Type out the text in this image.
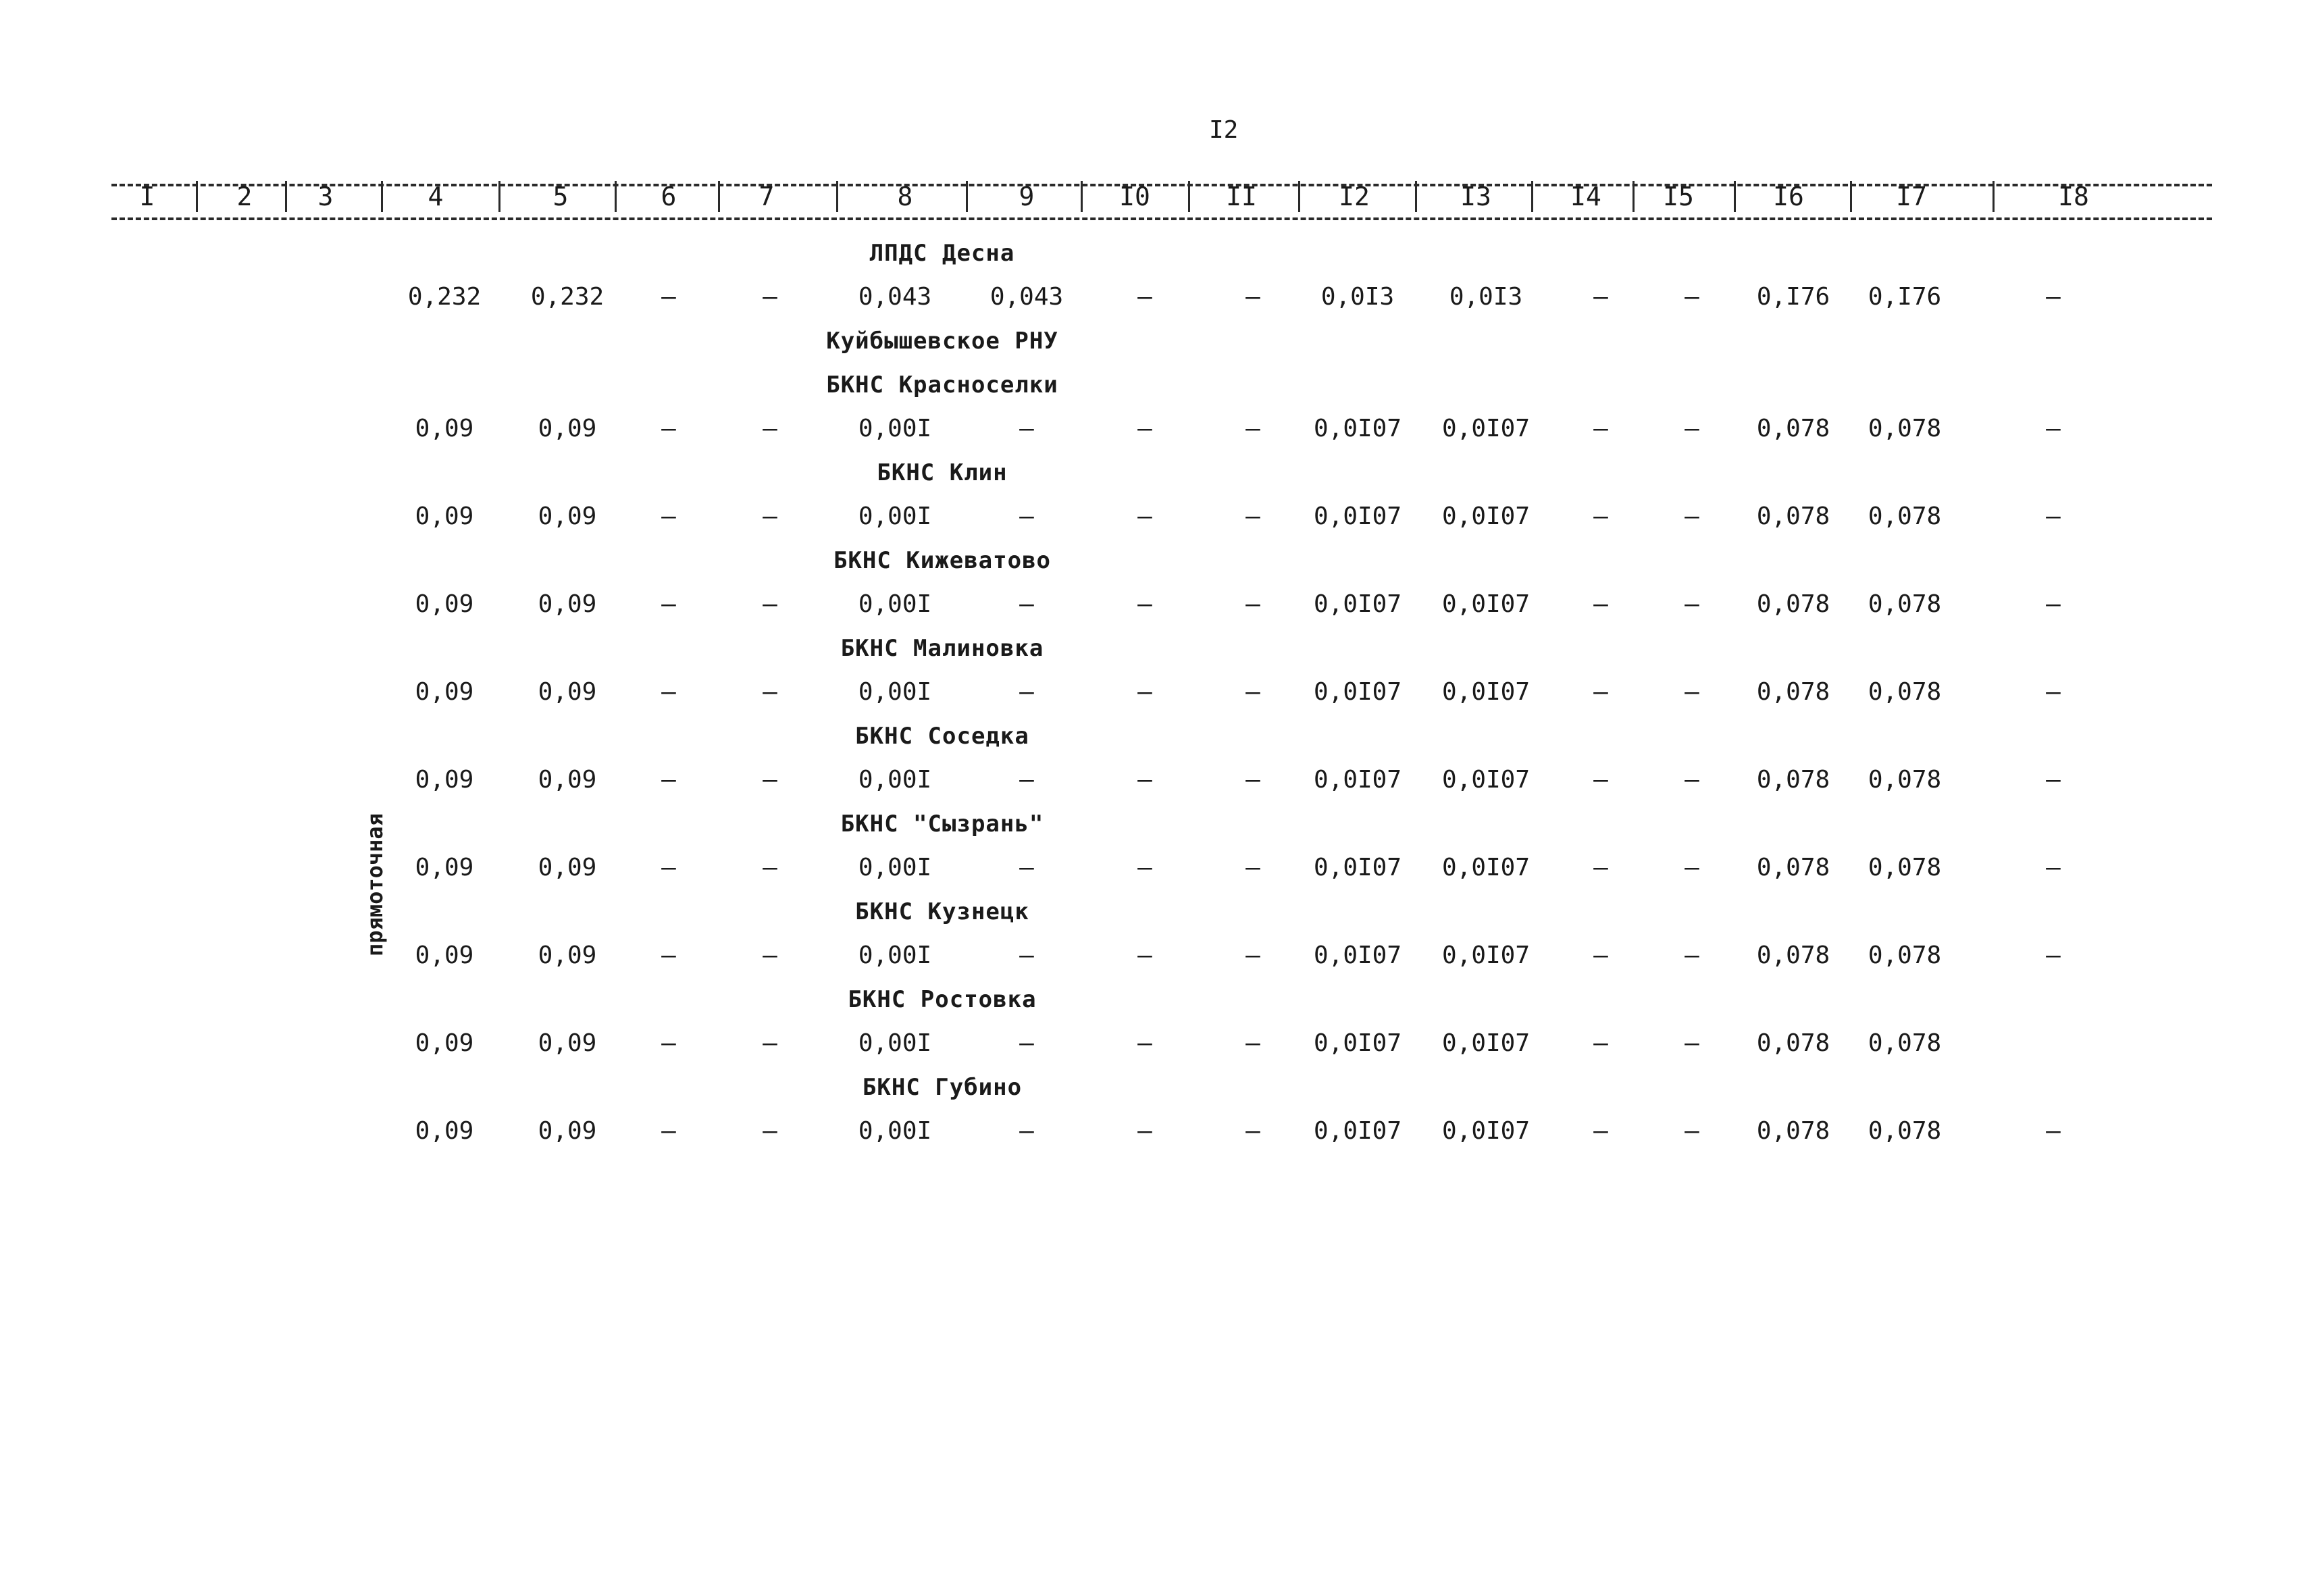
I2
I	2	3	4	5	6	7	8	9	I0	II	I2	I3	I4 I5	I6	I7	I8
прямоточная
ЛПДС Десна
0,232 0,232 –	–	0,043 0,043	–	– 0,0I3 0,0I3	–	– 0,I76 0,I76	–
Куйбышевское РНУ
БКНС Красноселки
0,09	0,09	–	–	0,00I	–	–	– 0,0I07 0,0I07	–	– 0,078 0,078	–
БКНС Клин
0,09	0,09	–	–	0,00I	–	–	– 0,0I07 0,0I07	–	– 0,078 0,078	–
БКНС Кижеватово
0,09	0,09	–	–	0,00I	–	–	– 0,0I07 0,0I07	–	– 0,078 0,078	–
БКНС Малиновка
0,09	0,09	–	–	0,00I	–	–	– 0,0I07 0,0I07	–	– 0,078 0,078	–
БКНС Соседка
0,09	0,09	–	–	0,00I	–	–	– 0,0I07 0,0I07	–	– 0,078 0,078	–
БКНС "Сызрань"
0,09	0,09	–	–	0,00I	–	–	– 0,0I07 0,0I07	–	– 0,078 0,078	–
БКНС Кузнецк
0,09	0,09	–	–	0,00I	–	–	– 0,0I07 0,0I07	–	– 0,078 0,078	–
БКНС Ростовка
0,09	0,09	–	–	0,00I	–	–	– 0,0I07 0,0I07	–	– 0,078 0,078
БКНС Губино
0,09	0,09	–	–	0,00I	–	–	– 0,0I07 0,0I07	–	– 0,078 0,078	–
